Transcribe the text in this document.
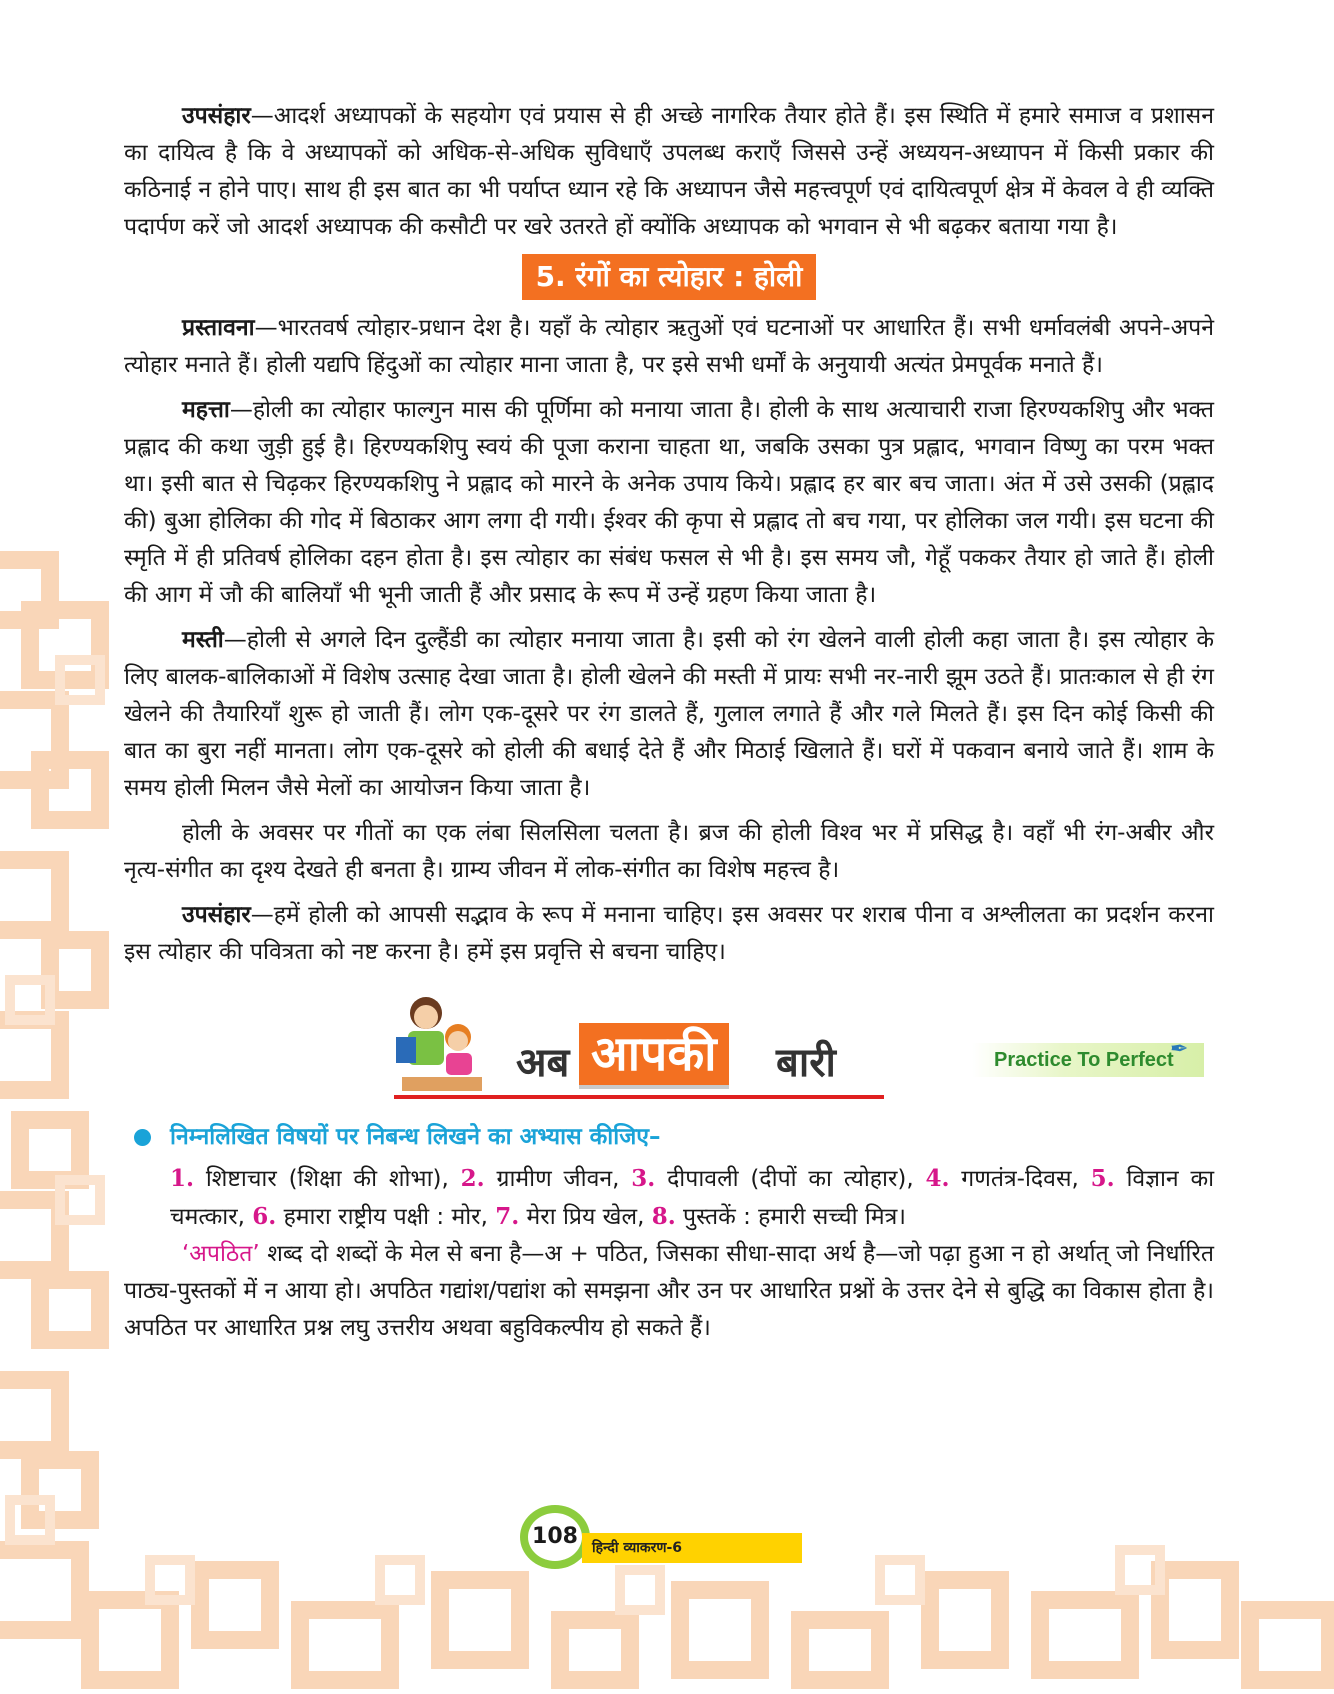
उपसंहार—आदर्श अध्यापकों के सहयोग एवं प्रयास से ही अच्छे नागरिक तैयार होते हैं। इस स्थिति में हमारे समाज व प्रशासन का दायित्व है कि वे अध्यापकों को अधिक-से-अधिक सुविधाएँ उपलब्ध कराएँ जिससे उन्हें अध्ययन-अध्यापन में किसी प्रकार की कठिनाई न होने पाए। साथ ही इस बात का भी पर्याप्त ध्यान रहे कि अध्यापन जैसे महत्त्वपूर्ण एवं दायित्वपूर्ण क्षेत्र में केवल वे ही व्यक्ति पदार्पण करें जो आदर्श अध्यापक की कसौटी पर खरे उतरते हों क्योंकि अध्यापक को भगवान से भी बढ़कर बताया गया है।

5. रंगों का त्योहार : होली

प्रस्तावना—भारतवर्ष त्योहार-प्रधान देश है। यहाँ के त्योहार ऋतुओं एवं घटनाओं पर आधारित हैं। सभी धर्मावलंबी अपने-अपने त्योहार मनाते हैं। होली यद्यपि हिंदुओं का त्योहार माना जाता है, पर इसे सभी धर्मों के अनुयायी अत्यंत प्रेमपूर्वक मनाते हैं।

महत्ता—होली का त्योहार फाल्गुन मास की पूर्णिमा को मनाया जाता है। होली के साथ अत्याचारी राजा हिरण्यकशिपु और भक्त प्रह्लाद की कथा जुड़ी हुई है। हिरण्यकशिपु स्वयं की पूजा कराना चाहता था, जबकि उसका पुत्र प्रह्लाद, भगवान विष्णु का परम भक्त था। इसी बात से चिढ़कर हिरण्यकशिपु ने प्रह्लाद को मारने के अनेक उपाय किये। प्रह्लाद हर बार बच जाता। अंत में उसे उसकी (प्रह्लाद की) बुआ होलिका की गोद में बिठाकर आग लगा दी गयी। ईश्वर की कृपा से प्रह्लाद तो बच गया, पर होलिका जल गयी। इस घटना की स्मृति में ही प्रतिवर्ष होलिका दहन होता है। इस त्योहार का संबंध फसल से भी है। इस समय जौ, गेहूँ पककर तैयार हो जाते हैं। होली की आग में जौ की बालियाँ भी भूनी जाती हैं और प्रसाद के रूप में उन्हें ग्रहण किया जाता है।

मस्ती—होली से अगले दिन दुल्हैंडी का त्योहार मनाया जाता है। इसी को रंग खेलने वाली होली कहा जाता है। इस त्योहार के लिए बालक-बालिकाओं में विशेष उत्साह देखा जाता है। होली खेलने की मस्ती में प्रायः सभी नर-नारी झूम उठते हैं। प्रातःकाल से ही रंग खेलने की तैयारियाँ शुरू हो जाती हैं। लोग एक-दूसरे पर रंग डालते हैं, गुलाल लगाते हैं और गले मिलते हैं। इस दिन कोई किसी की बात का बुरा नहीं मानता। लोग एक-दूसरे को होली की बधाई देते हैं और मिठाई खिलाते हैं। घरों में पकवान बनाये जाते हैं। शाम के समय होली मिलन जैसे मेलों का आयोजन किया जाता है।

होली के अवसर पर गीतों का एक लंबा सिलसिला चलता है। ब्रज की होली विश्व भर में प्रसिद्ध है। वहाँ भी रंग-अबीर और नृत्य-संगीत का दृश्य देखते ही बनता है। ग्राम्य जीवन में लोक-संगीत का विशेष महत्त्व है।

उपसंहार—हमें होली को आपसी सद्भाव के रूप में मनाना चाहिए। इस अवसर पर शराब पीना व अश्लीलता का प्रदर्शन करना इस त्योहार की पवित्रता को नष्ट करना है। हमें इस प्रवृत्ति से बचना चाहिए।

अब आपकी	बारी	Practice To Perfect
✒
निम्नलिखित विषयों पर निबन्ध लिखने का अभ्यास कीजिए–
1. शिष्टाचार (शिक्षा की शोभा), 2. ग्रामीण जीवन, 3. दीपावली (दीपों का त्योहार), 4. गणतंत्र-दिवस, 5. विज्ञान का चमत्कार, 6. हमारा राष्ट्रीय पक्षी : मोर, 7. मेरा प्रिय खेल, 8. पुस्तकें : हमारी सच्ची मित्र।

‘अपठित’ शब्द दो शब्दों के मेल से बना है—अ + पठित, जिसका सीधा-सादा अर्थ है—जो पढ़ा हुआ न हो अर्थात् जो निर्धारित पाठ्य-पुस्तकों में न आया हो। अपठित गद्यांश/पद्यांश को समझना और उन पर आधारित प्रश्नों के उत्तर देने से बुद्धि का विकास होता है। अपठित पर आधारित प्रश्न लघु उत्तरीय अथवा बहुविकल्पीय हो सकते हैं।

108	हिन्दी व्याकरण-6
